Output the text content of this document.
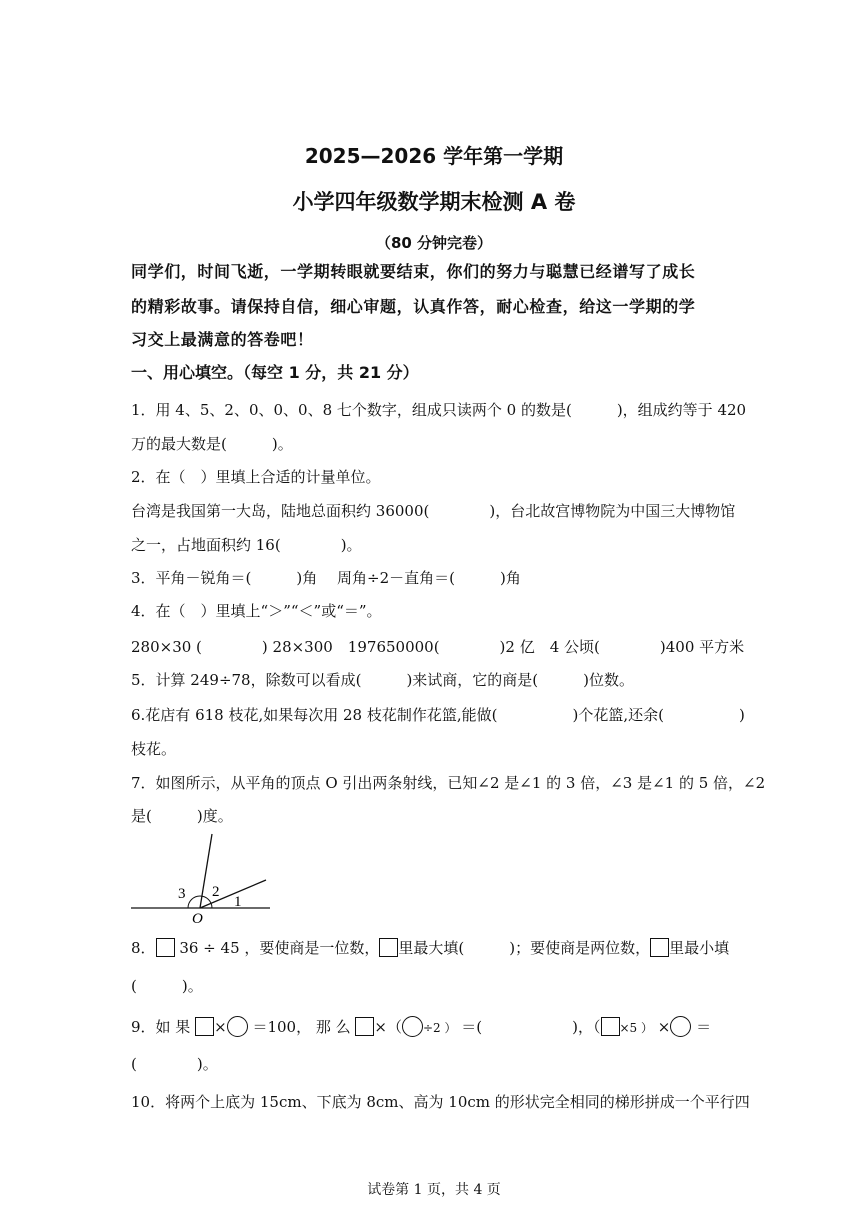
2025—2026 学年第一学期
小学四年级数学期末检测 A 卷
（80 分钟完卷）
同学们，时间飞逝，一学期转眼就要结束，你们的努力与聪慧已经谱写了成长
的精彩故事。请保持自信，细心审题，认真作答，耐心检查，给这一学期的学
习交上最满意的答卷吧！
一、用心填空。（每空 1 分，共 21 分）
1．用 4、5、2、0、0、0、8 七个数字，组成只读两个 0 的数是(　　　)，组成约等于 420
万的最大数是(　　　)。
2．在（　）里填上合适的计量单位。
台湾是我国第一大岛，陆地总面积约 36000(　　　　)，台北故宫博物院为中国三大博物馆
之一，占地面积约 16(　　　　)。
3．平角－锐角＝(　　　)角　 周角÷2－直角＝(　　　)角
4．在（　）里填上“＞”“＜”或“＝”。
280×30 (　　　　) 28×300　197650000(　　　　)2 亿　4 公顷(　　　　)400 平方米
5．计算 249÷78，除数可以看成(　　　)来试商，它的商是(　　　)位数。
6.花店有 618 枝花,如果每次用 28 枝花制作花篮,能做(　　　　　)个花篮,还余(　　　　　)
枝花。
7．如图所示，从平角的顶点 O 引出两条射线，已知∠2 是∠1 的 3 倍，∠3 是∠1 的 5 倍，∠2
是(　　　)度。
3 2
1
O
8． 36 ÷ 45 ，要使商是一位数， 里最大填(　　　)；要使商是两位数， 里最小填
(　　　)。
9．如 果 × ＝100， 那 么 ×（ ÷2 ） ＝(　　　　　　)，（ ×5 ） × ＝
(　　　　)。
10．将两个上底为 15cm、下底为 8cm、高为 10cm 的形状完全相同的梯形拼成一个平行四
试卷第 1 页，共 4 页
